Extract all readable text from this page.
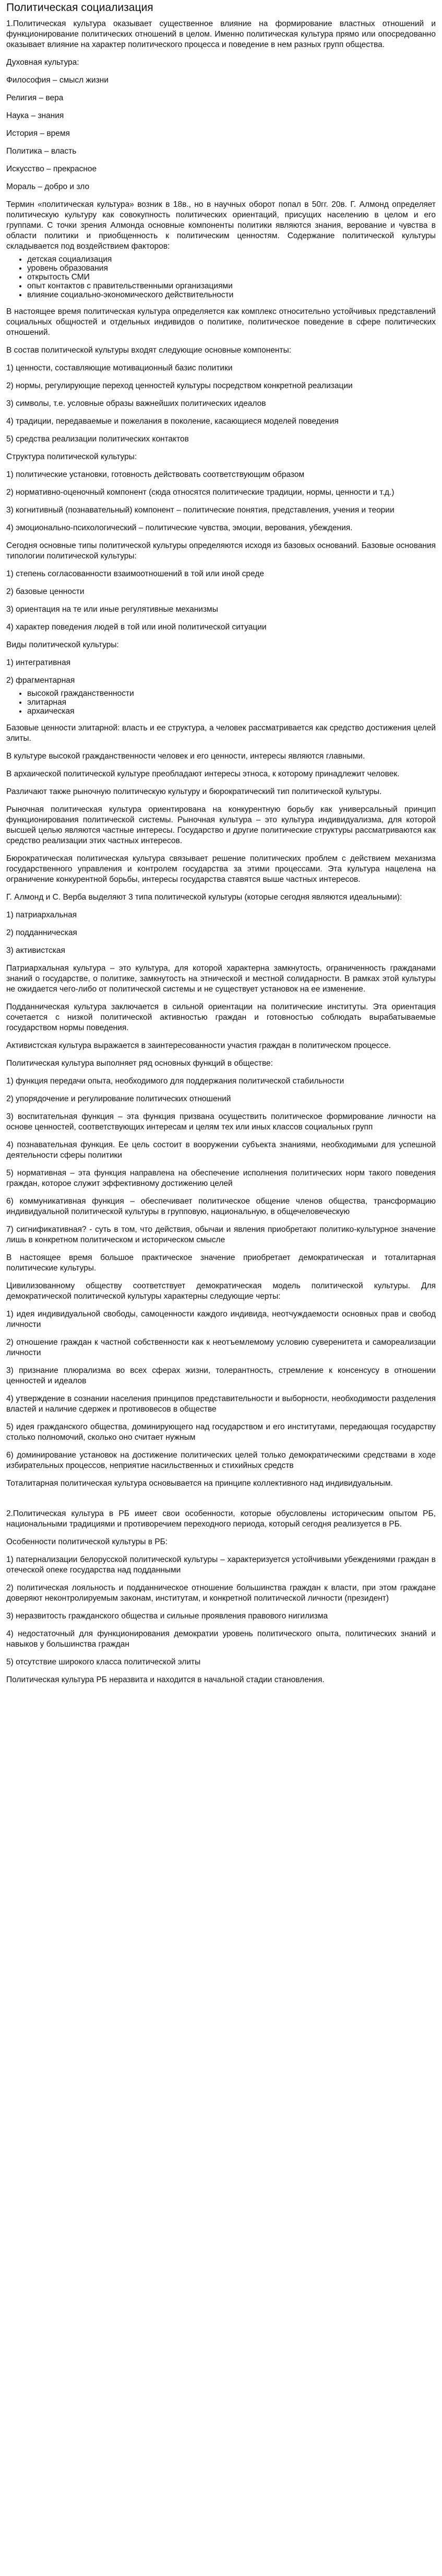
Политическая социализация

1.Политическая культура оказывает существенное влияние на формирование властных отношений и функционирование политических отношений в целом. Именно политическая культура прямо или опосредованно оказывает влияние на характер политического процесса и поведение в нем разных групп общества.

Духовная культура:

Философия – смысл жизни

Религия – вера

Наука – знания

История – время

Политика – власть

Искусство – прекрасное

Мораль – добро и зло

Термин «политическая культура» возник в 18в., но в научных оборот попал в 50гг. 20в. Г. Алмонд определяет политическую культуру как совокупность политических ориентаций, присущих населению в целом и его группами. С точки зрения Алмонда основные компоненты политики являются знания, верование и чувства в области политики и приобщенность к политическим ценностям. Содержание политической культуры складывается под воздействием факторов:

• детская социализация
• уровень образования
• открытость СМИ
• опыт контактов с правительственными организациями
• влияние социально-экономического действительности

В настоящее время политическая культура определяется как комплекс относительно устойчивых представлений социальных общностей и отдельных индивидов о политике, политическое поведение в сфере политических отношений.

В состав политической культуры входят следующие основные компоненты:

1) ценности, составляющие мотивационный базис политики

2) нормы, регулирующие переход ценностей культуры посредством конкретной реализации

3) символы, т.е. условные образы важнейших политических идеалов

4) традиции, передаваемые и пожелания в поколение, касающиеся моделей поведения

5) средства реализации политических контактов

Структура политической культуры:

1) политические установки, готовность действовать соответствующим образом

2) нормативно-оценочный компонент (сюда относятся политические традиции, нормы, ценности и т.д.)

3) когнитивный (познавательный) компонент – политические понятия, представления, учения и теории

4) эмоционально-психологический – политические чувства, эмоции, верования, убеждения.

Сегодня основные типы политической культуры определяются исходя из базовых оснований. Базовые основания типологии политической культуры:

1) степень согласованности взаимоотношений в той или иной среде

2) базовые ценности

3) ориентация на те или иные регулятивные механизмы

4) характер поведения людей в той или иной политической ситуации

Виды политической культуры:

1) интегративная

2) фрагментарная

• высокой гражданственности
• элитарная
• архаическая

Базовые ценности элитарной: власть и ее структура, а человек рассматривается как средство достижения целей элиты.

В культуре высокой гражданственности человек и его ценности, интересы являются главными.

В архаической политической культуре преобладают интересы этноса, к которому принадлежит человек.

Различают также рыночную политическую культуру и бюрократический тип политической культуры.

Рыночная политическая культура ориентирована на конкурентную борьбу как универсальный принцип функционирования политической системы. Рыночная культура – это культура индивидуализма, для которой высшей целью являются частные интересы. Государство и другие политические структуры рассматриваются как средство реализации этих частных интересов.

Бюрократическая политическая культура связывает решение политических проблем с действием механизма государственного управления и контролем государства за этими процессами. Эта культура нацелена на ограничение конкурентной борьбы, интересы государства ставятся выше частных интересов.

Г. Алмонд и С. Верба выделяют 3 типа политической культуры (которые сегодня являются идеальными):

1) патриархальная

2) подданническая

3) активистская

Патриархальная культура – это культура, для которой характерна замкнутость, ограниченность гражданами знаний о государстве, о политике, замкнутость на этнической и местной солидарности. В рамках этой культуры не ожидается чего-либо от политической системы и не существует установок на ее изменение.

Подданническая культура заключается в сильной ориентации на политические институты. Эта ориентация сочетается с низкой политической активностью граждан и готовностью соблюдать вырабатываемые государством нормы поведения.

Активистская культура выражается в заинтересованности участия граждан в политическом процессе.

Политическая культура выполняет ряд основных функций в обществе:

1) функция передачи опыта, необходимого для поддержания политической стабильности

2) упорядочение и регулирование политических отношений

3) воспитательная функция – эта функция призвана осуществить политическое формирование личности на основе ценностей, соответствующих интересам и целям тех или иных классов социальных групп

4) познавательная функция. Ее цель состоит в вооружении субъекта знаниями, необходимыми для успешной деятельности сферы политики

5) нормативная – эта функция направлена на обеспечение исполнения политических норм такого поведения граждан, которое служит эффективному достижению целей

6) коммуникативная функция – обеспечивает политическое общение членов общества, трансформацию индивидуальной политической культуры в групповую, национальную, в общечеловеческую

7) сигнификативная? - суть в том, что действия, обычаи и явления приобретают политико-культурное значение лишь в конкретном политическом и историческом смысле

В настоящее время большое практическое значение приобретает демократическая и тоталитарная политические культуры.

Цивилизованному обществу соответствует демократическая модель политической культуры. Для демократической политической культуры характерны следующие черты:

1) идея индивидуальной свободы, самоценности каждого индивида, неотчуждаемости основных прав и свобод личности

2) отношение граждан к частной собственности как к неотъемлемому условию суверенитета и самореализации личности

3) признание плюрализма во всех сферах жизни, толерантность, стремление к консенсусу в отношении ценностей и идеалов

4) утверждение в сознании населения принципов представительности и выборности, необходимости разделения властей и наличие сдержек и противовесов в обществе

5) идея гражданского общества, доминирующего над государством и его институтами, передающая государству столько полномочий, сколько оно считает нужным

6) доминирование установок на достижение политических целей только демократическими средствами в ходе избирательных процессов, неприятие насильственных и стихийных средств

Тоталитарная политическая культура основывается на принципе коллективного над индивидуальным.

2.Политическая культура в РБ имеет свои особенности, которые обусловлены историческим опытом РБ, национальными традициями и противоречием переходного периода, который сегодня реализуется в РБ.

Особенности политической культуры в РБ:

1) патернализации белорусской политической культуры – характеризуется устойчивыми убеждениями граждан в отеческой опеке государства над подданными

2) политическая лояльность и подданническое отношение большинства граждан к власти, при этом граждане доверяют неконтролируемым законам, институтам, и конкретной политической личности (президент)

3) неразвитость гражданского общества и сильные проявления правового нигилизма

4) недостаточный для функционирования демократии уровень политического опыта, политических знаний и навыков у большинства граждан

5) отсутствие широкого класса политической элиты

Политическая культура РБ неразвита и находится в начальной стадии становления.
